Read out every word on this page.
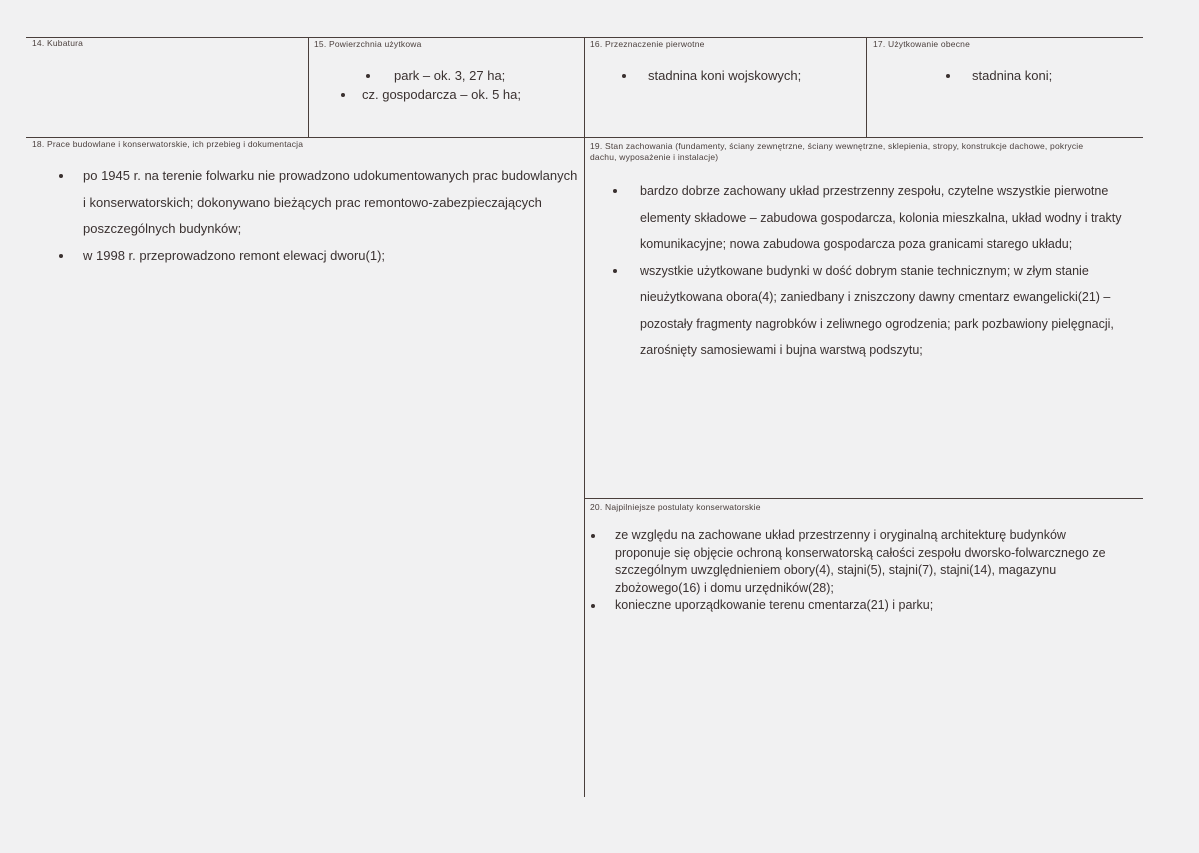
14. Kubatura	15. Powierzchnia użytkowa
park – ok. 3, 27 ha;
cz. gospodarcza – ok. 5 ha;
16. Przeznaczenie pierwotne
stadnina koni wojskowych;
17. Użytkowanie obecne
stadnina koni;
18. Prace budowlane i konserwatorskie, ich przebieg i dokumentacja
po 1945 r. na terenie folwarku nie prowadzono udokumentowanych prac budowlanych i konserwatorskich; dokonywano bieżących prac remontowo-zabezpieczających poszczególnych budynków;
w 1998 r. przeprowadzono remont elewacj dworu(1);
19. Stan zachowania (fundamenty, ściany zewnętrzne, ściany wewnętrzne, sklepienia, stropy, konstrukcje dachowe, pokrycie dachu, wyposażenie i instalacje)
bardzo dobrze zachowany układ przestrzenny zespołu, czytelne wszystkie pierwotne elementy składowe – zabudowa gospodarcza, kolonia mieszkalna, układ wodny i trakty komunikacyjne; nowa zabudowa gospodarcza poza granicami starego układu;
wszystkie użytkowane budynki w dość dobrym stanie technicznym; w złym stanie nieużytkowana obora(4); zaniedbany i zniszczony dawny cmentarz ewangelicki(21) – pozostały fragmenty nagrobków i zeliwnego ogrodzenia; park pozbawiony pielęgnacji, zarośnięty samosiewami i bujna warstwą podszytu;
20. Najpilniejsze postulaty konserwatorskie
ze względu na zachowane układ przestrzenny i oryginalną architekturę budynków proponuje się objęcie ochroną konserwatorską całości zespołu dworsko-folwarcznego ze szczególnym uwzględnieniem obory(4), stajni(5), stajni(7), stajni(14), magazynu zbożowego(16) i domu urzędników(28);
konieczne uporządkowanie terenu cmentarza(21) i parku;
